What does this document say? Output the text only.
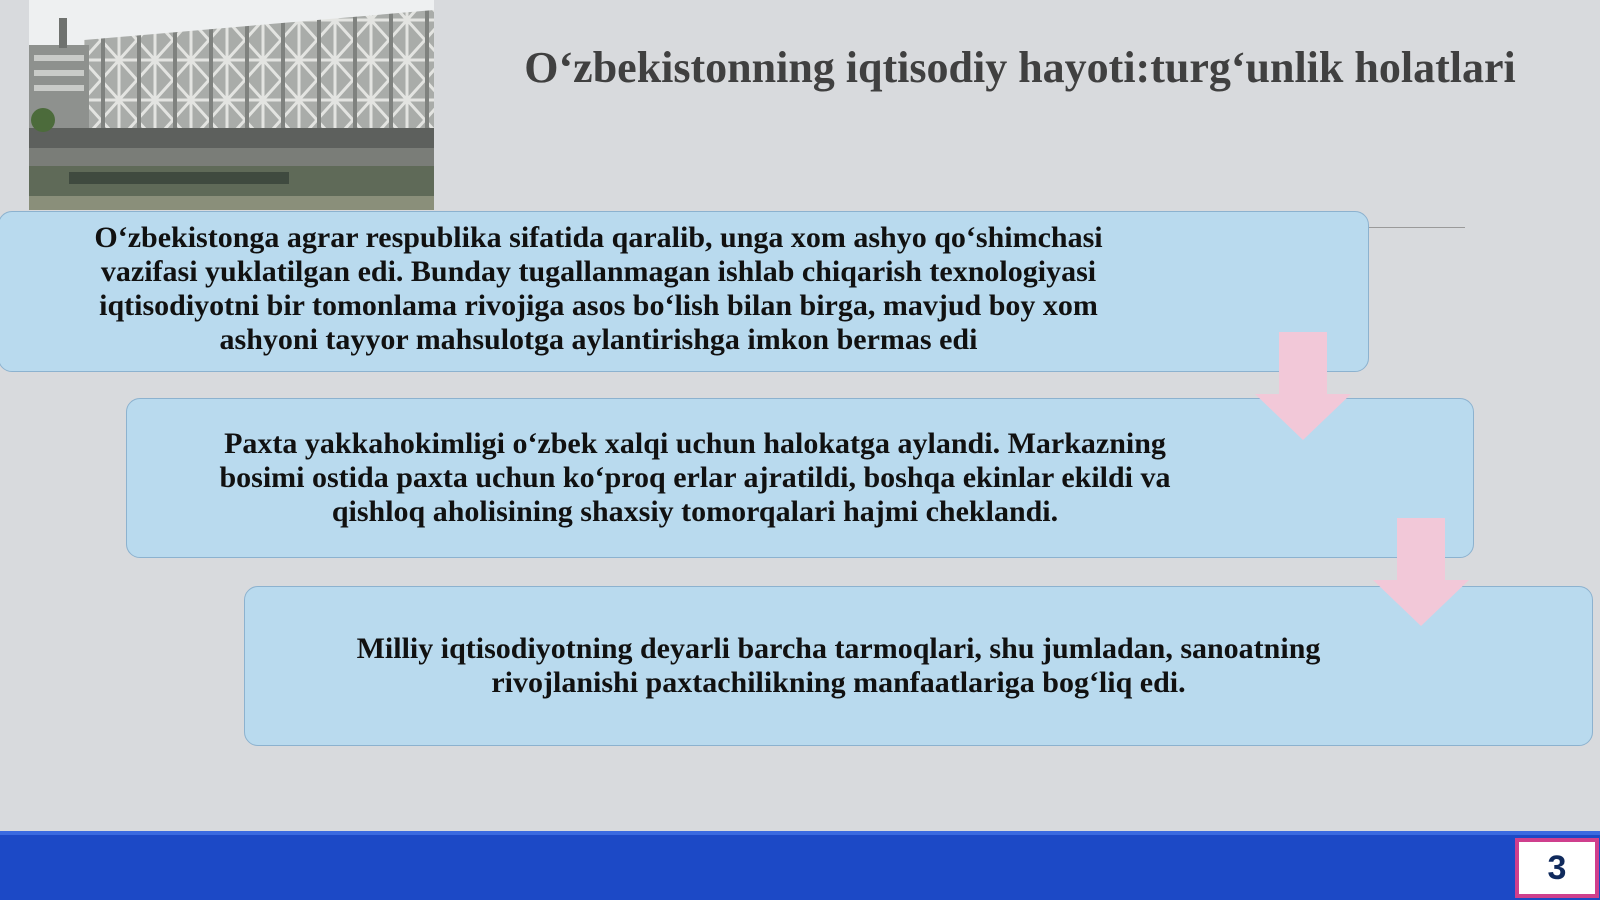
O‘zbekistonning iqtisodiy hayoti:turg‘unlik holatlari
O‘zbekistonga agrar respublika sifatida qaralib, unga xom ashyo qo‘shimchasi
vazifasi yuklatilgan edi. Bunday tugallanmagan ishlab chiqarish texnologiyasi
iqtisodiyotni bir tomonlama rivojiga asos bo‘lish bilan birga, mavjud boy xom
ashyoni tayyor mahsulotga aylantirishga imkon bermas edi
Paxta yakkahokimligi o‘zbek xalqi uchun halokatga aylandi. Markazning
bosimi ostida paxta uchun ko‘proq erlar ajratildi, boshqa ekinlar ekildi va
qishloq aholisining shaxsiy tomorqalari hajmi cheklandi.
Milliy iqtisodiyotning deyarli barcha tarmoqlari, shu jumladan, sanoatning
rivojlanishi paxtachilikning manfaatlariga bog‘liq edi.
3
